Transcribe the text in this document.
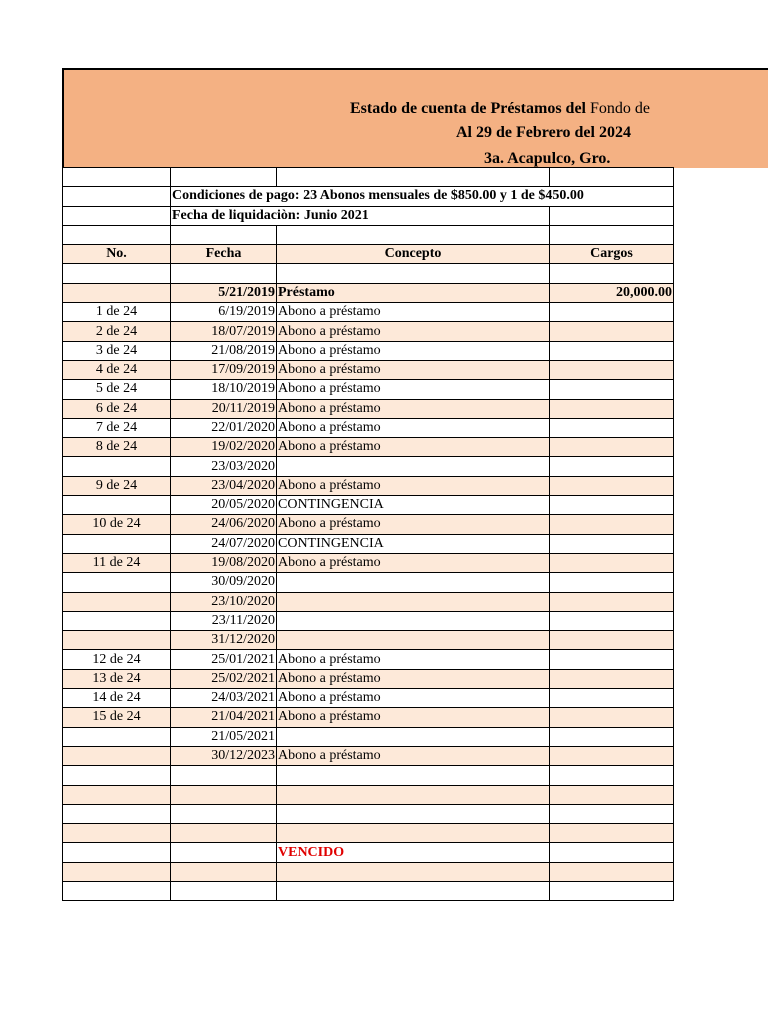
Estado de cuenta de Préstamos del Fondo de
Al 29 de Febrero del 2024
3a. Acapulco, Gro.

	Condiciones de pago: 23 Abonos mensuales de $850.00 y 1 de $450.00		
	Fecha de liquidaciòn: Junio 2021		

No.	Fecha	Concepto	Cargos

	5/21/2019	Préstamo	20,000.00
1 de 24	6/19/2019	Abono a préstamo	
2 de 24	18/07/2019	Abono a préstamo	
3 de 24	21/08/2019	Abono a préstamo	
4 de 24	17/09/2019	Abono a préstamo	
5 de 24	18/10/2019	Abono a préstamo	
6 de 24	20/11/2019	Abono a préstamo	
7 de 24	22/01/2020	Abono a préstamo	
8 de 24	19/02/2020	Abono a préstamo	
	23/03/2020		
9 de 24	23/04/2020	Abono a préstamo	
	20/05/2020	CONTINGENCIA	
10 de 24	24/06/2020	Abono a préstamo	
	24/07/2020	CONTINGENCIA	
11 de 24	19/08/2020	Abono a préstamo	
	30/09/2020		
	23/10/2020		
	23/11/2020		
	31/12/2020		
12 de 24	25/01/2021	Abono a préstamo	
13 de 24	25/02/2021	Abono a préstamo	
14 de 24	24/03/2021	Abono a préstamo	
15 de 24	21/04/2021	Abono a préstamo	
	21/05/2021		
	30/12/2023	Abono a préstamo	

		VENCIDO	
